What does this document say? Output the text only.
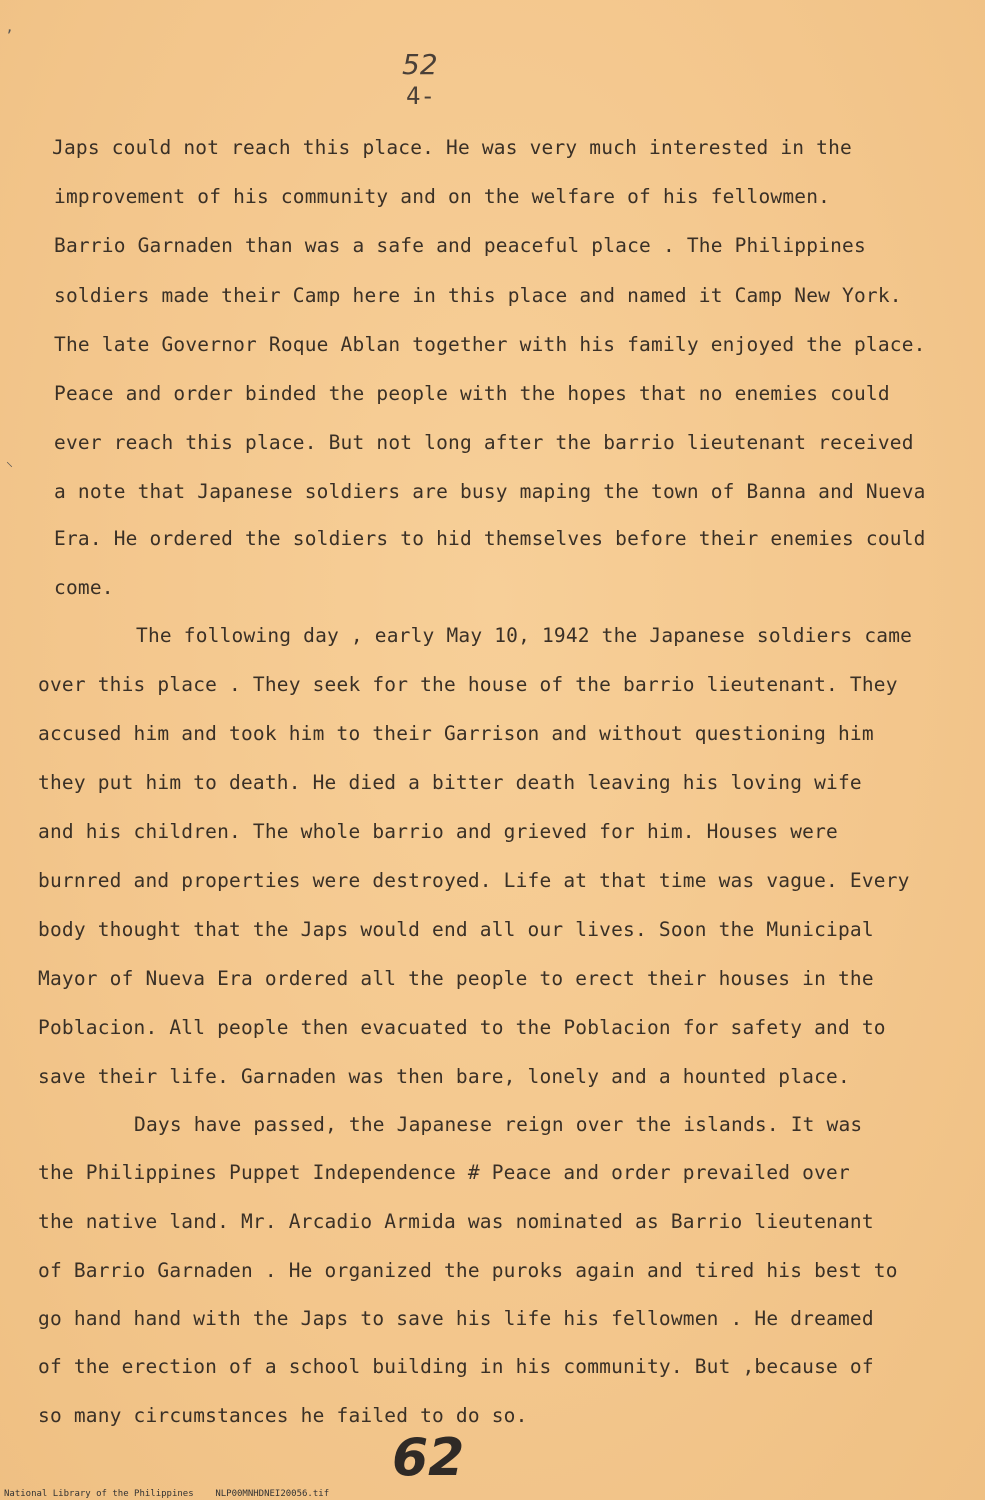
52
4-
ʼ
⸜
Japs could not reach this place. He was very much interested in the
improvement of his community and on the welfare of his fellowmen.
Barrio Garnaden than was a safe and peaceful place . The Philippines
soldiers made their Camp here in this place and named it Camp New York.
The late Governor Roque Ablan together with his family enjoyed the place.
Peace and order binded the people with the hopes that no enemies could
ever reach this place. But not long after the barrio lieutenant received
a note that Japanese soldiers are busy maping the town of Banna and Nueva
Era. He ordered the soldiers to hid themselves before their enemies could
come.
The following day , early May 10, 1942 the Japanese soldiers came
over this place . They seek for the house of the barrio lieutenant. They
accused him and took him to their Garrison and without questioning him
they put him to death. He died a bitter death leaving his loving wife
and his children. The whole barrio and grieved for him. Houses were
burnred and properties were destroyed. Life at that time was vague. Every
body thought that the Japs would end all our lives. Soon the Municipal
Mayor of Nueva Era ordered all the people to erect their houses in the
Poblacion. All people then evacuated to the Poblacion for safety and to
save their life. Garnaden was then bare, lonely and a hounted place.
Days have passed, the Japanese reign over the islands. It was
the Philippines Puppet Independence # Peace and order prevailed over
the native land. Mr. Arcadio Armida was nominated as Barrio lieutenant
of Barrio Garnaden . He organized the puroks again and tired his best to
go hand hand with the Japs to save his life his fellowmen . He dreamed
of the erection of a school building in his community. But ,because of
so many circumstances he failed to do so.
62
National Library of the Philippines    NLP00MNHDNEI20056.tif
